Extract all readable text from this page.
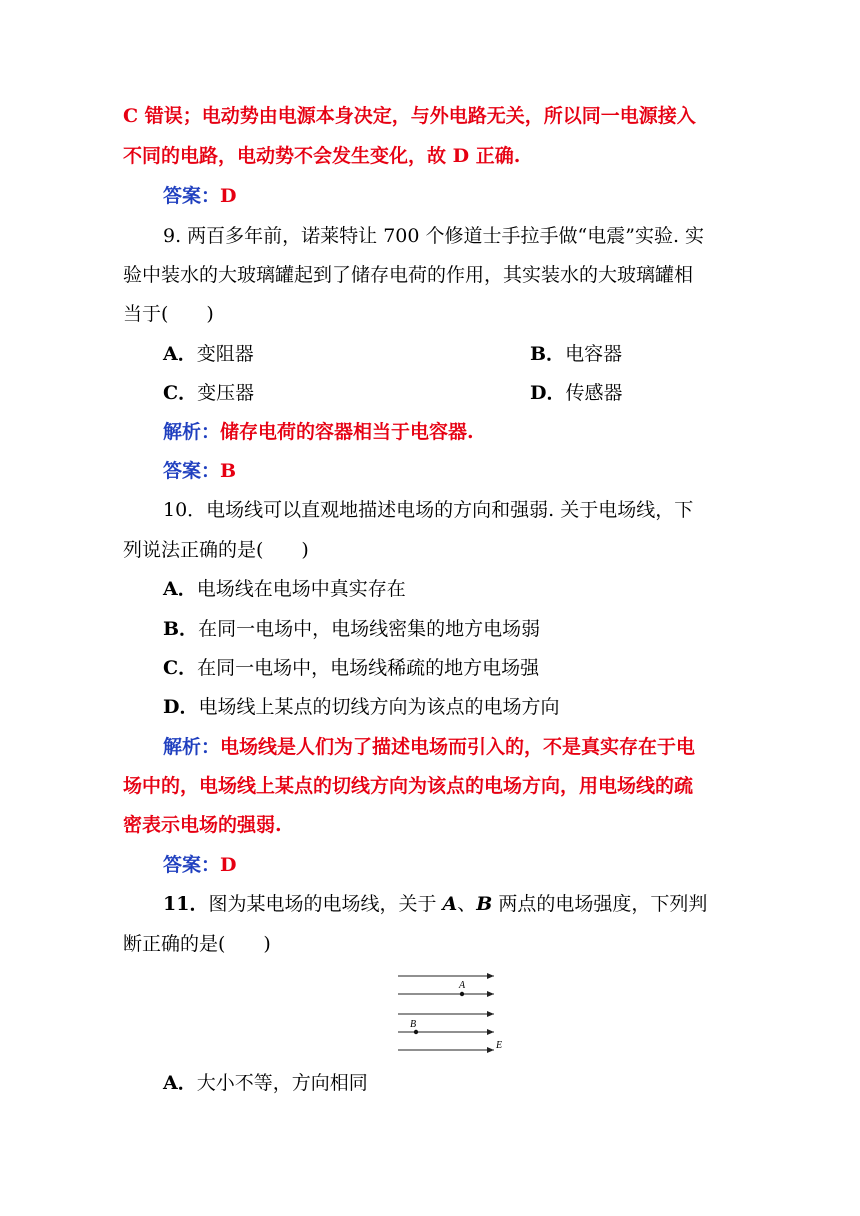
C 错误；电动势由电源本身决定，与外电路无关，所以同一电源接入
不同的电路，电动势不会发生变化，故 D 正确.
答案：D
9. 两百多年前，诺莱特让 700 个修道士手拉手做“电震”实验. 实
验中装水的大玻璃罐起到了储存电荷的作用，其实装水的大玻璃罐相
当于(　　)
A．变阻器	B．电容器
C．变压器	D．传感器
解析：储存电荷的容器相当于电容器.
答案：B
10．电场线可以直观地描述电场的方向和强弱. 关于电场线，下
列说法正确的是(　　)
A．电场线在电场中真实存在
B．在同一电场中，电场线密集的地方电场弱
C．在同一电场中，电场线稀疏的地方电场强
D．电场线上某点的切线方向为该点的电场方向
解析：电场线是人们为了描述电场而引入的，不是真实存在于电
场中的，电场线上某点的切线方向为该点的电场方向，用电场线的疏
密表示电场的强弱.
答案：D
11．图为某电场的电场线，关于 A、B 两点的电场强度，下列判
断正确的是(　　)
A
B
E
A．大小不等，方向相同
